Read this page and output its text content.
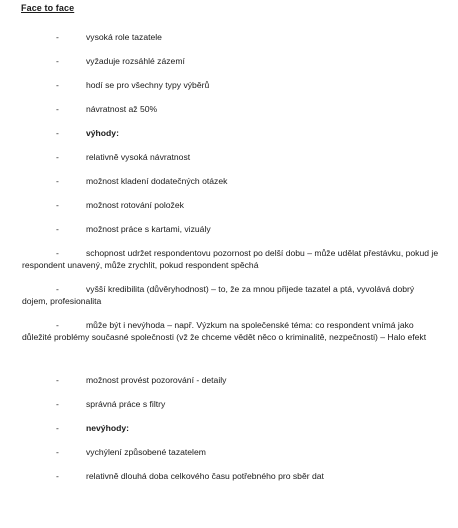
Face to face
-	vysoká role tazatele
-	vyžaduje rozsáhlé zázemí
-	hodí se pro všechny typy výběrů
-	návratnost až 50%
-	výhody:
-	relativně vysoká návratnost
-	možnost kladení dodatečných otázek
-	možnost rotování položek
-	možnost práce s kartami, vizuály
-	schopnost udržet respondentovu pozornost po delší dobu – může udělat přestávku, pokud je respondent unavený, může zrychlit, pokud respondent spěchá
-	vyšší kredibilita (důvěryhodnost) – to, že za mnou přijede tazatel a ptá, vyvolává dobrý dojem, profesionalita
-	může být i nevýhoda – např. Výzkum na společenské téma: co respondent vnímá jako důležité problémy současné společnosti (vž že chceme vědět něco o kriminalitě, nezpečnosti) – Halo efekt
-	možnost provést pozorování - detaily
-	správná práce s filtry
-	nevýhody:
-	vychýlení způsobené tazatelem
-	relativně dlouhá doba celkového času potřebného pro sběr dat
